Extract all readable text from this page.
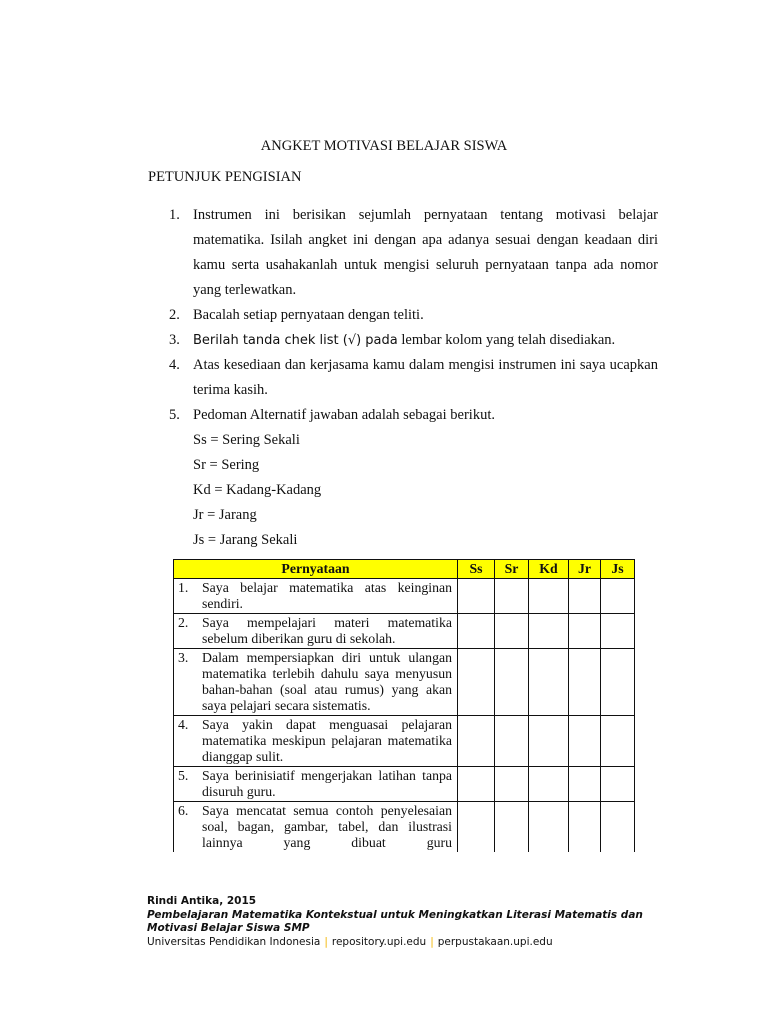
ANGKET MOTIVASI BELAJAR SISWA
PETUNJUK PENGISIAN
1. Instrumen ini berisikan sejumlah pernyataan tentang motivasi belajar matematika. Isilah angket ini dengan apa adanya sesuai dengan keadaan diri kamu serta usahakanlah untuk mengisi seluruh pernyataan tanpa ada nomor yang terlewatkan.
2. Bacalah setiap pernyataan dengan teliti.
3. Berilah tanda chek list (√) pada lembar kolom yang telah disediakan.
4. Atas kesediaan dan kerjasama kamu dalam mengisi instrumen ini saya ucapkan terima kasih.
5. Pedoman Alternatif jawaban adalah sebagai berikut.
Ss = Sering Sekali
Sr = Sering
Kd = Kadang-Kadang
Jr = Jarang
Js = Jarang Sekali
Pernyataan	Ss	Sr	Kd	Jr	Js

1. Saya belajar matematika atas keinginan sendiri.					

2. Saya mempelajari materi matematika sebelum diberikan guru di sekolah.					

3. Dalam mempersiapkan diri untuk ulangan matematika terlebih dahulu saya menyusun bahan-bahan (soal atau rumus) yang akan saya pelajari secara sistematis.					

4. Saya yakin dapat menguasai pelajaran matematika meskipun pelajaran matematika dianggap sulit.					

5. Saya berinisiatif mengerjakan latihan tanpa disuruh guru.					

6. Saya mencatat semua contoh penyelesaian soal, bagan, gambar, tabel, dan ilustrasi lainnya yang dibuat guru					

Rindi Antika, 2015
Pembelajaran Matematika Kontekstual untuk Meningkatkan Literasi Matematis dan
Motivasi Belajar Siswa SMP
Universitas Pendidikan Indonesia | repository.upi.edu | perpustakaan.upi.edu
